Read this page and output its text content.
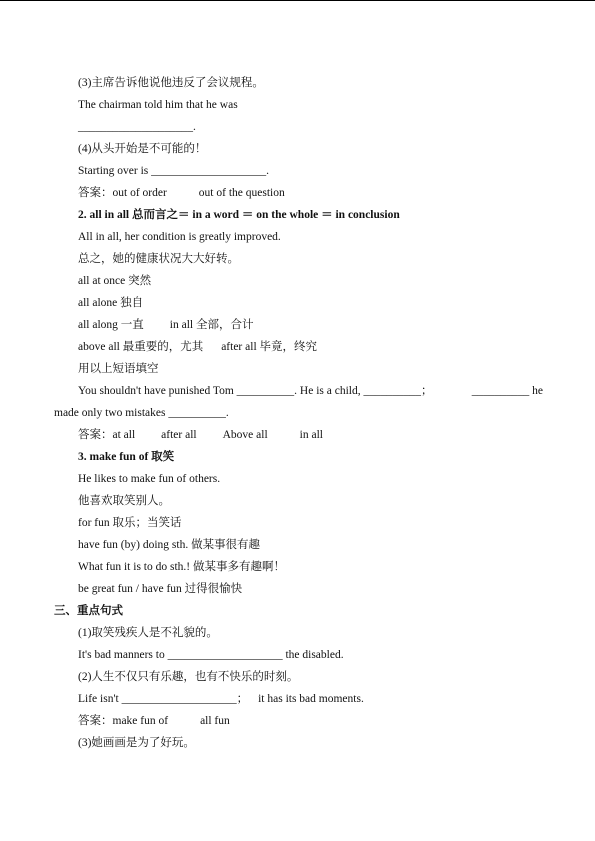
(3)主席告诉他说他违反了会议规程。
The chairman told him that he was
____________________.
(4)从头开始是不可能的！
Starting over is ____________________.
答案：out of order	out of the question
2. all in all 总而言之＝ in a word ＝ on the whole ＝ in conclusion
All in all, her condition is greatly improved.
总之，她的健康状况大大好转。
all at once 突然
all alone 独自
all along 一直 in all 全部，合计
above all 最重要的，尤其 after all 毕竟，终究
用以上短语填空
You shouldn't have punished Tom __________. He is a child, __________；	__________ he
made only two mistakes __________.
答案：at all after all Above all	in all
3. make fun of 取笑
He likes to make fun of others.
他喜欢取笑别人。
for fun 取乐；当笑话
have fun (by) doing sth. 做某事很有趣
What fun it is to do sth.! 做某事多有趣啊！
be great fun / have fun 过得很愉快
三、重点句式
(1)取笑残疾人是不礼貌的。
It's bad manners to ____________________ the disabled.
(2)人生不仅只有乐趣，也有不快乐的时刻。
Life isn't ____________________； it has its bad moments.
答案：make fun of	all fun
(3)她画画是为了好玩。
